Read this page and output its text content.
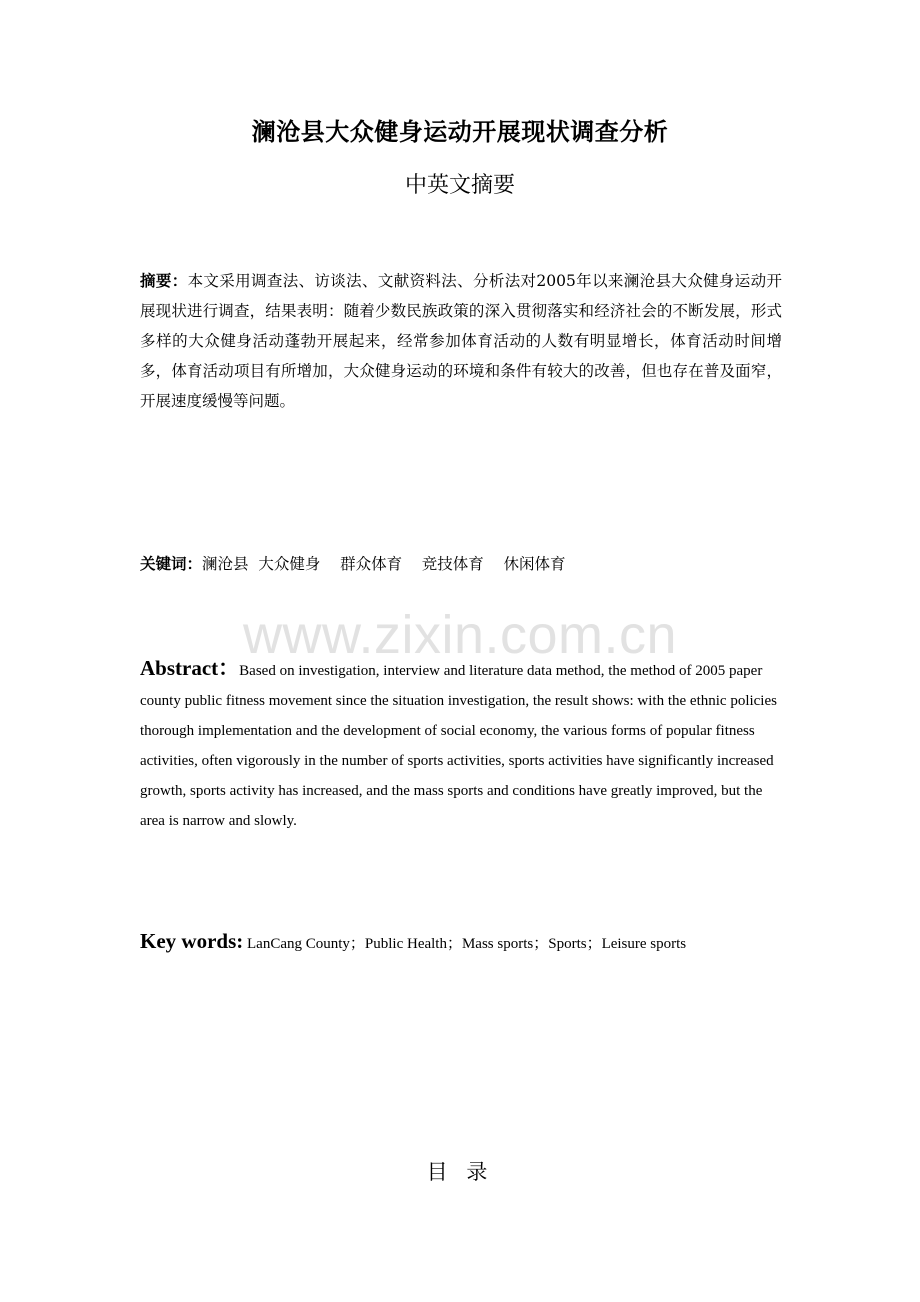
澜沧县大众健身运动开展现状调查分析
中英文摘要
摘要：本文采用调查法、访谈法、文献资料法、分析法对2005年以来澜沧县大众健身运动开展现状进行调查，结果表明：随着少数民族政策的深入贯彻落实和经济社会的不断发展，形式多样的大众健身活动蓬勃开展起来，经常参加体育活动的人数有明显增长，体育活动时间增多，体育活动项目有所增加，大众健身运动的环境和条件有较大的改善，但也存在普及面窄，开展速度缓慢等问题。
关键词：澜沧县  大众健身    群众体育    竞技体育    休闲体育
www.zixin.com.cn
Abstract：Based on investigation, interview and literature data method, the method of 2005 paper county public fitness movement since the situation investigation, the result shows: with the ethnic policies thorough implementation and the development of social economy, the various forms of popular fitness activities, often vigorously in the number of sports activities, sports activities have significantly increased growth, sports activity has increased, and the mass sports and conditions have greatly improved, but the area is narrow and slowly.
Key words: LanCang County；Public Health；Mass sports；Sports；Leisure sports
目 录
